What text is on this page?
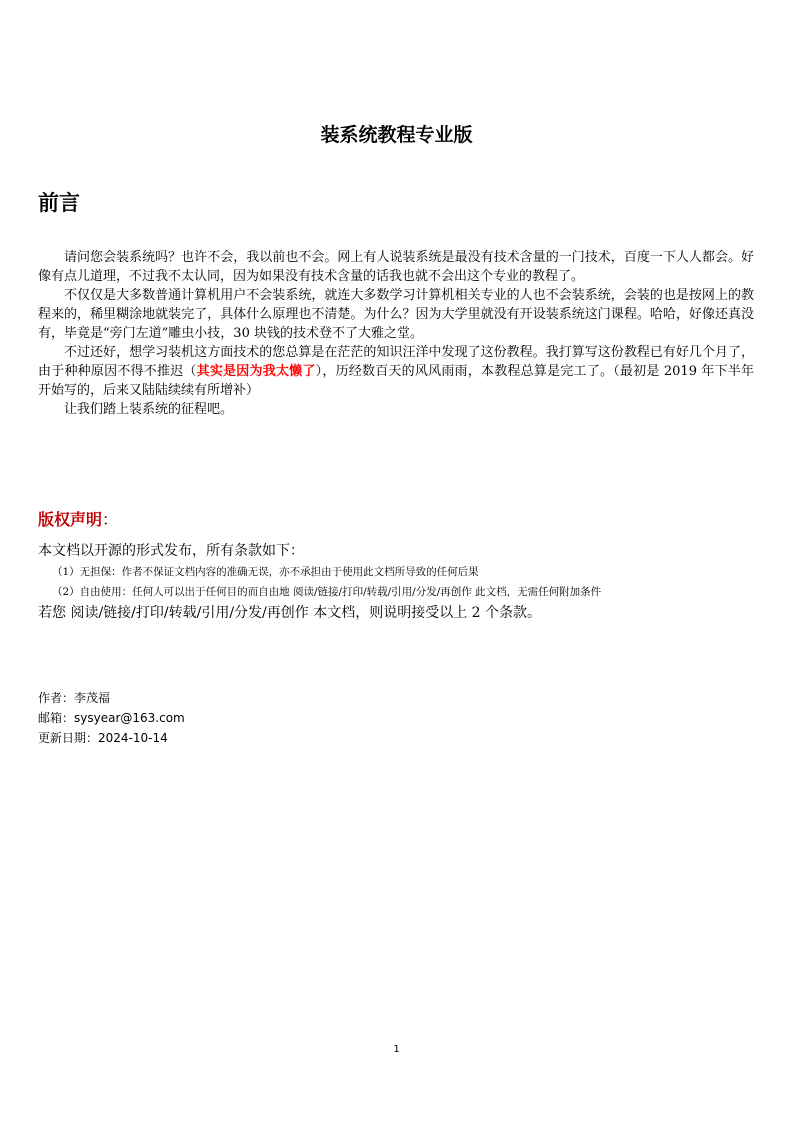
装系统教程专业版
前言

请问您会装系统吗？也许不会，我以前也不会。网上有人说装系统是最没有技术含量的一门技术，百度一下人人都会。好像有点儿道理，不过我不太认同，因为如果没有技术含量的话我也就不会出这个专业的教程了。

不仅仅是大多数普通计算机用户不会装系统，就连大多数学习计算机相关专业的人也不会装系统，会装的也是按网上的教程来的，稀里糊涂地就装完了，具体什么原理也不清楚。为什么？因为大学里就没有开设装系统这门课程。哈哈，好像还真没有，毕竟是“旁门左道”雕虫小技，30 块钱的技术登不了大雅之堂。

不过还好，想学习装机这方面技术的您总算是在茫茫的知识汪洋中发现了这份教程。我打算写这份教程已有好几个月了，由于种种原因不得不推迟（其实是因为我太懒了），历经数百天的风风雨雨，本教程总算是完工了。（最初是 2019 年下半年开始写的，后来又陆陆续续有所增补）

让我们踏上装系统的征程吧。

版权声明：
本文档以开源的形式发布，所有条款如下：
（1）无担保：作者不保证文档内容的准确无误，亦不承担由于使用此文档所导致的任何后果
（2）自由使用：任何人可以出于任何目的而自由地 阅读/链接/打印/转载/引用/分发/再创作 此文档，无需任何附加条件
若您 阅读/链接/打印/转载/引用/分发/再创作 本文档，则说明接受以上 2 个条款。
作者：李茂福
邮箱：sysyear@163.com
更新日期：2024-10-14
1
